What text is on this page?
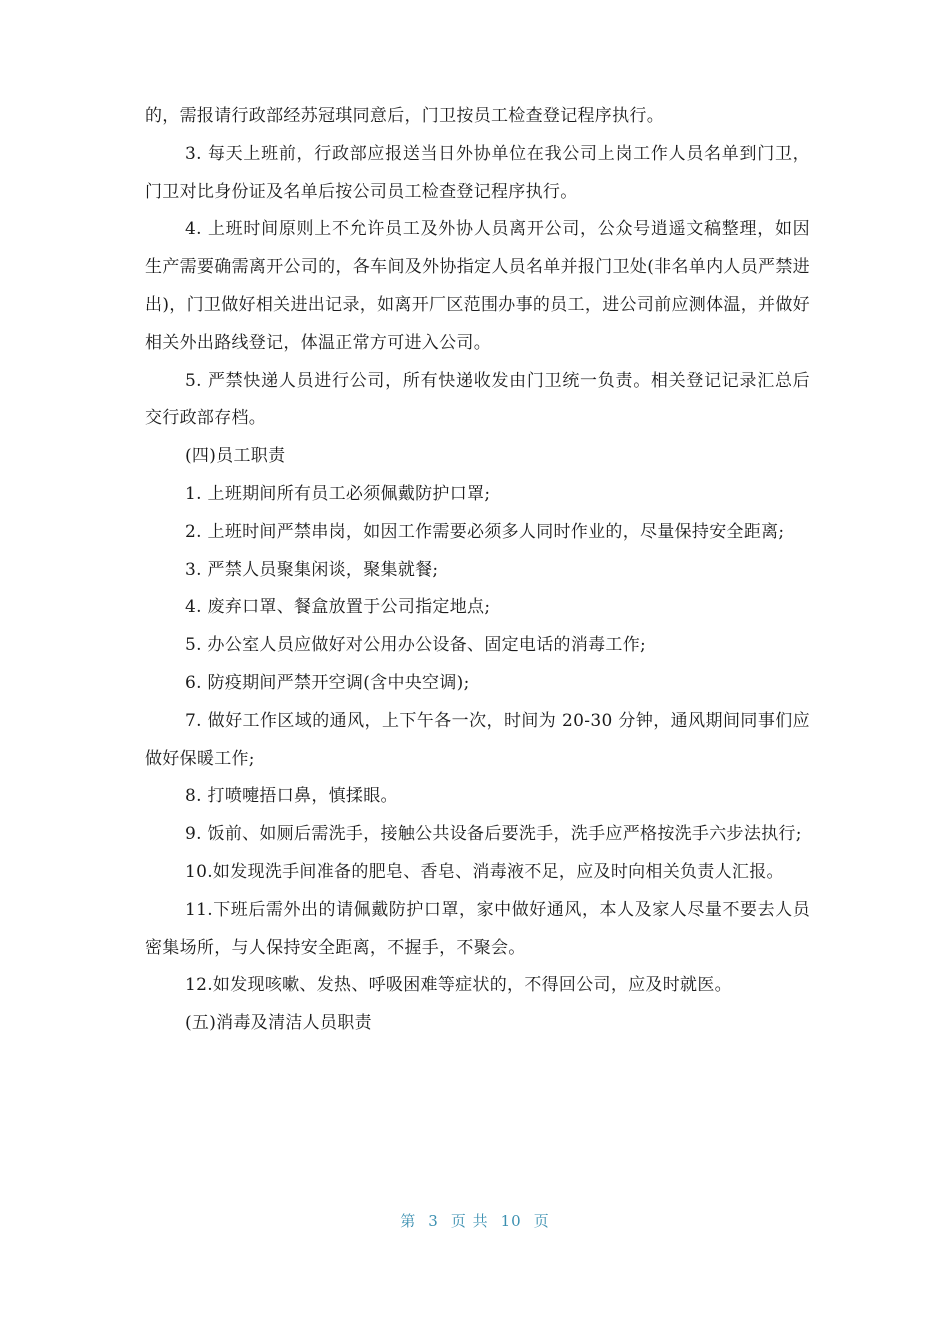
的，需报请行政部经苏冠琪同意后，门卫按员工检查登记程序执行。

3. 每天上班前，行政部应报送当日外协单位在我公司上岗工作人员名单到门卫，门卫对比身份证及名单后按公司员工检查登记程序执行。

4. 上班时间原则上不允许员工及外协人员离开公司，公众号逍遥文稿整理，如因生产需要确需离开公司的，各车间及外协指定人员名单并报门卫处(非名单内人员严禁进出)，门卫做好相关进出记录，如离开厂区范围办事的员工，进公司前应测体温，并做好相关外出路线登记，体温正常方可进入公司。

5. 严禁快递人员进行公司，所有快递收发由门卫统一负责。相关登记记录汇总后交行政部存档。

(四)员工职责

1. 上班期间所有员工必须佩戴防护口罩;

2. 上班时间严禁串岗，如因工作需要必须多人同时作业的，尽量保持安全距离;

3. 严禁人员聚集闲谈，聚集就餐;

4. 废弃口罩、餐盒放置于公司指定地点;

5. 办公室人员应做好对公用办公设备、固定电话的消毒工作;

6. 防疫期间严禁开空调(含中央空调);

7. 做好工作区域的通风，上下午各一次，时间为 20-30 分钟，通风期间同事们应做好保暖工作;

8. 打喷嚏捂口鼻，慎揉眼。

9. 饭前、如厕后需洗手，接触公共设备后要洗手，洗手应严格按洗手六步法执行;

10.如发现洗手间准备的肥皂、香皂、消毒液不足，应及时向相关负责人汇报。

11.下班后需外出的请佩戴防护口罩，家中做好通风，本人及家人尽量不要去人员密集场所，与人保持安全距离，不握手，不聚会。

12.如发现咳嗽、发热、呼吸困难等症状的，不得回公司，应及时就医。

(五)消毒及清洁人员职责

第 3 页 共 10 页
